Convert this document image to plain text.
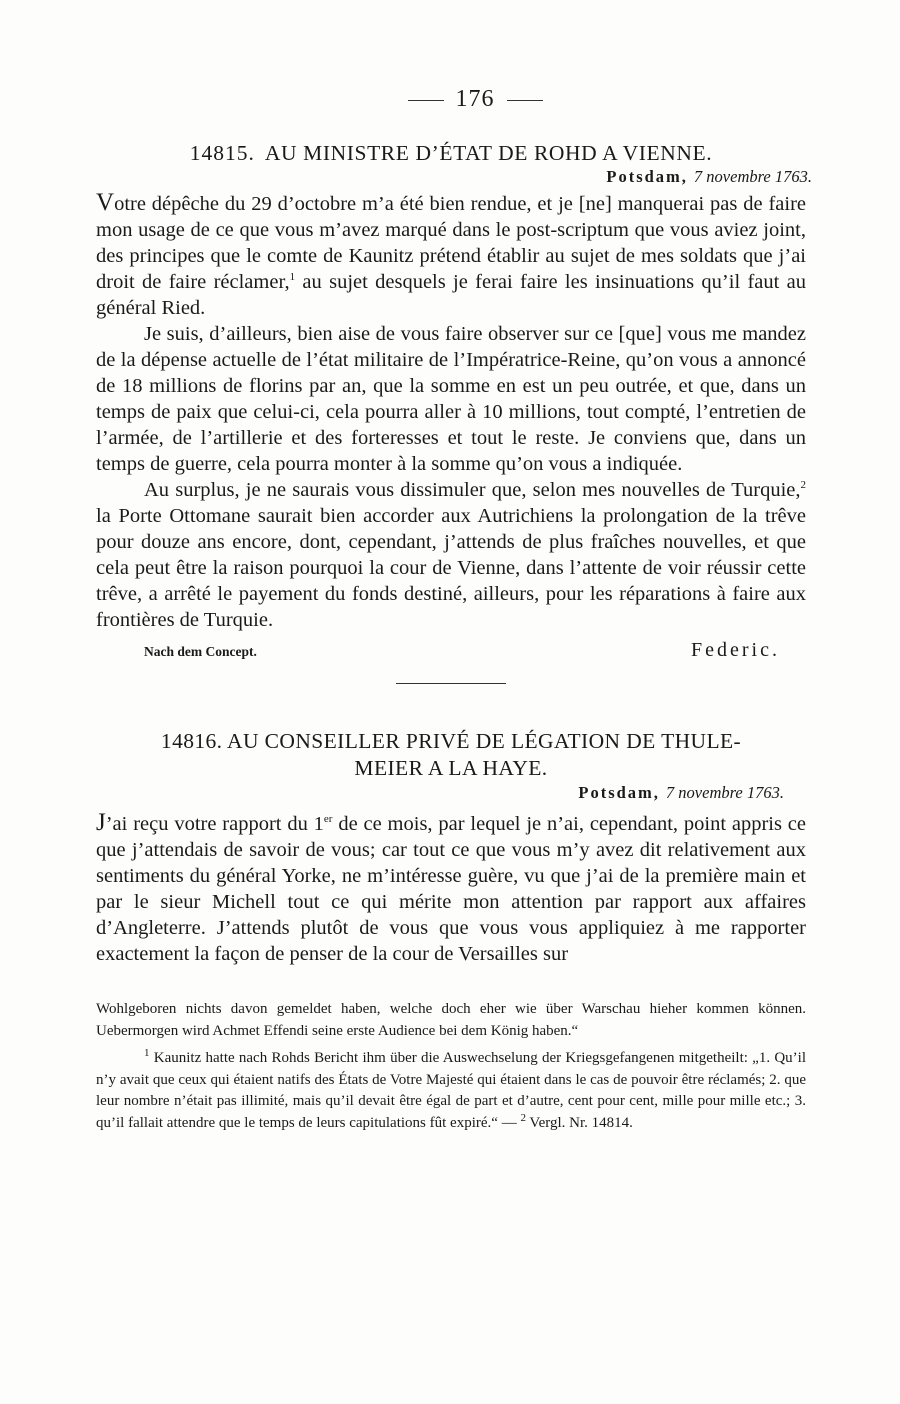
176
14815. AU MINISTRE D’ÉTAT DE ROHD A VIENNE.
Potsdam, 7 novembre 1763.

Votre dépêche du 29 d’octobre m’a été bien rendue, et je [ne] manquerai pas de faire mon usage de ce que vous m’avez marqué dans le post-scriptum que vous aviez joint, des principes que le comte de Kaunitz prétend établir au sujet de mes soldats que j’ai droit de faire réclamer,$^1$ au sujet desquels je ferai faire les insinuations qu’il faut au général Ried.

Je suis, d’ailleurs, bien aise de vous faire observer sur ce [que] vous me mandez de la dépense actuelle de l’état militaire de l’Impératrice-Reine, qu’on vous a annoncé de 18 millions de florins par an, que la somme en est un peu outrée, et que, dans un temps de paix que celui-ci, cela pourra aller à 10 millions, tout compté, l’entretien de l’armée, de l’artillerie et des forteresses et tout le reste. Je conviens que, dans un temps de guerre, cela pourra monter à la somme qu’on vous a indiquée.

Au surplus, je ne saurais vous dissimuler que, selon mes nouvelles de Turquie,$^2$ la Porte Ottomane saurait bien accorder aux Autrichiens la prolongation de la trêve pour douze ans encore, dont, cependant, j’attends de plus fraîches nouvelles, et que cela peut être la raison pourquoi la cour de Vienne, dans l’attente de voir réussir cette trêve, a arrêté le payement du fonds destiné, ailleurs, pour les réparations à faire aux frontières de Turquie.

Nach dem Concept.	Federic.
14816. AU CONSEILLER PRIVÉ DE LÉGATION DE THULE-
MEIER A LA HAYE.
Potsdam, 7 novembre 1763.

J’ai reçu votre rapport du 1er de ce mois, par lequel je n’ai, cependant, point appris ce que j’attendais de savoir de vous; car tout ce que vous m’y avez dit relativement aux sentiments du général Yorke, ne m’intéresse guère, vu que j’ai de la première main et par le sieur Michell tout ce qui mérite mon attention par rapport aux affaires d’Angleterre. J’attends plutôt de vous que vous vous appliquiez à me rapporter exactement la façon de penser de la cour de Versailles sur

Wohlgeboren nichts davon gemeldet haben, welche doch eher wie über Warschau hieher kommen können. Uebermorgen wird Achmet Effendi seine erste Audience bei dem König haben.“

$^1$ Kaunitz hatte nach Rohds Bericht ihm über die Auswechselung der Kriegsgefangenen mitgetheilt: „1. Qu’il n’y avait que ceux qui étaient natifs des États de Votre Majesté qui étaient dans le cas de pouvoir être réclamés; 2. que leur nombre n’était pas illimité, mais qu’il devait être égal de part et d’autre, cent pour cent, mille pour mille etc.; 3. qu’il fallait attendre que le temps de leurs capitulations fût expiré.“ — $^2$ Vergl. Nr. 14814.
